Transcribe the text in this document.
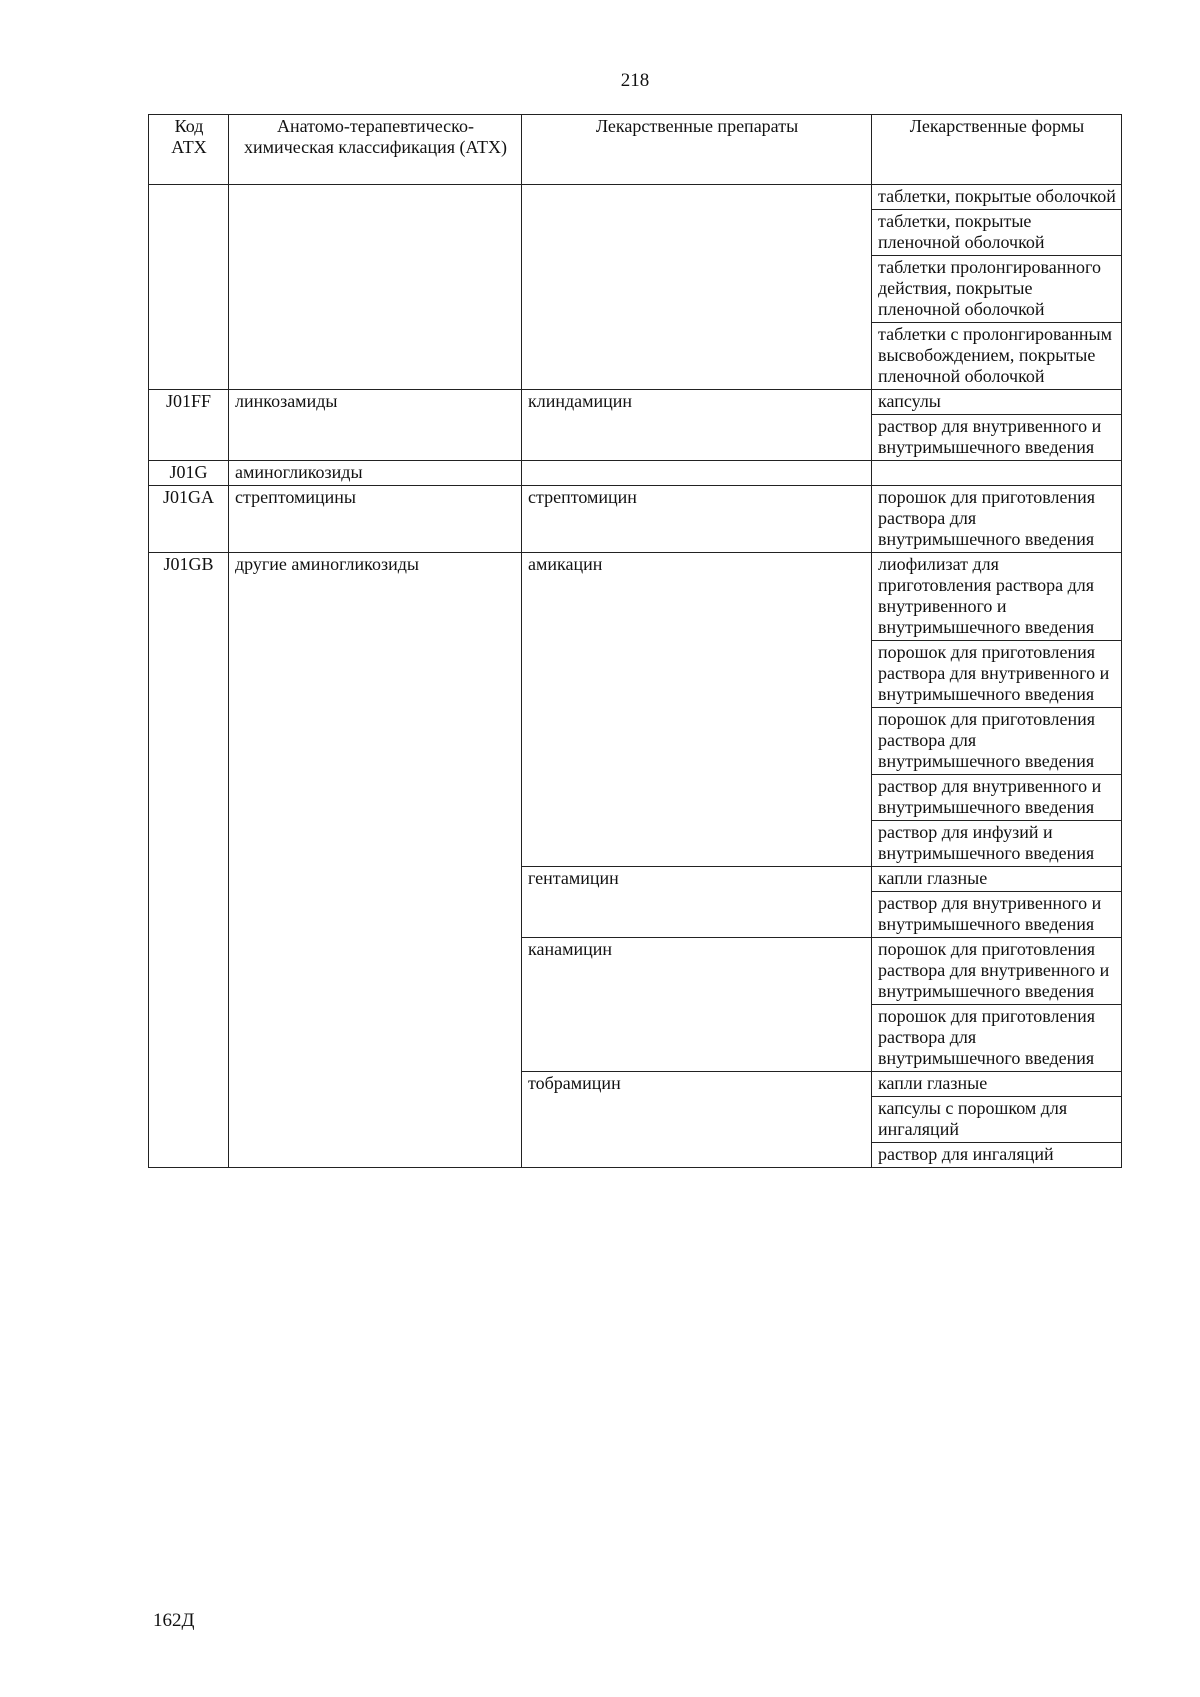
218
Код АТХ	Анатомо-терапевтическо-химическая классификация (АТХ)	Лекарственные препараты	Лекарственные формы
			таблетки, покрытые оболочкой
			таблетки, покрытые пленочной оболочкой
			таблетки пролонгированного действия, покрытые пленочной оболочкой
			таблетки с пролонгированным высвобождением, покрытые пленочной оболочкой
J01FF	линкозамиды	клиндамицин	капсулы
			раствор для внутривенного и внутримышечного введения
J01G	аминогликозиды		
J01GA	стрептомицины	стрептомицин	порошок для приготовления раствора для внутримышечного введения
J01GB	другие аминогликозиды	амикацин	лиофилизат для приготовления раствора для внутривенного и внутримышечного введения
			порошок для приготовления раствора для внутривенного и внутримышечного введения
			порошок для приготовления раствора для внутримышечного введения
			раствор для внутривенного и внутримышечного введения
			раствор для инфузий и внутримышечного введения
		гентамицин	капли глазные
			раствор для внутривенного и внутримышечного введения
		канамицин	порошок для приготовления раствора для внутривенного и внутримышечного введения
			порошок для приготовления раствора для внутримышечного введения
		тобрамицин	капли глазные
			капсулы с порошком для ингаляций
			раствор для ингаляций
162Д
